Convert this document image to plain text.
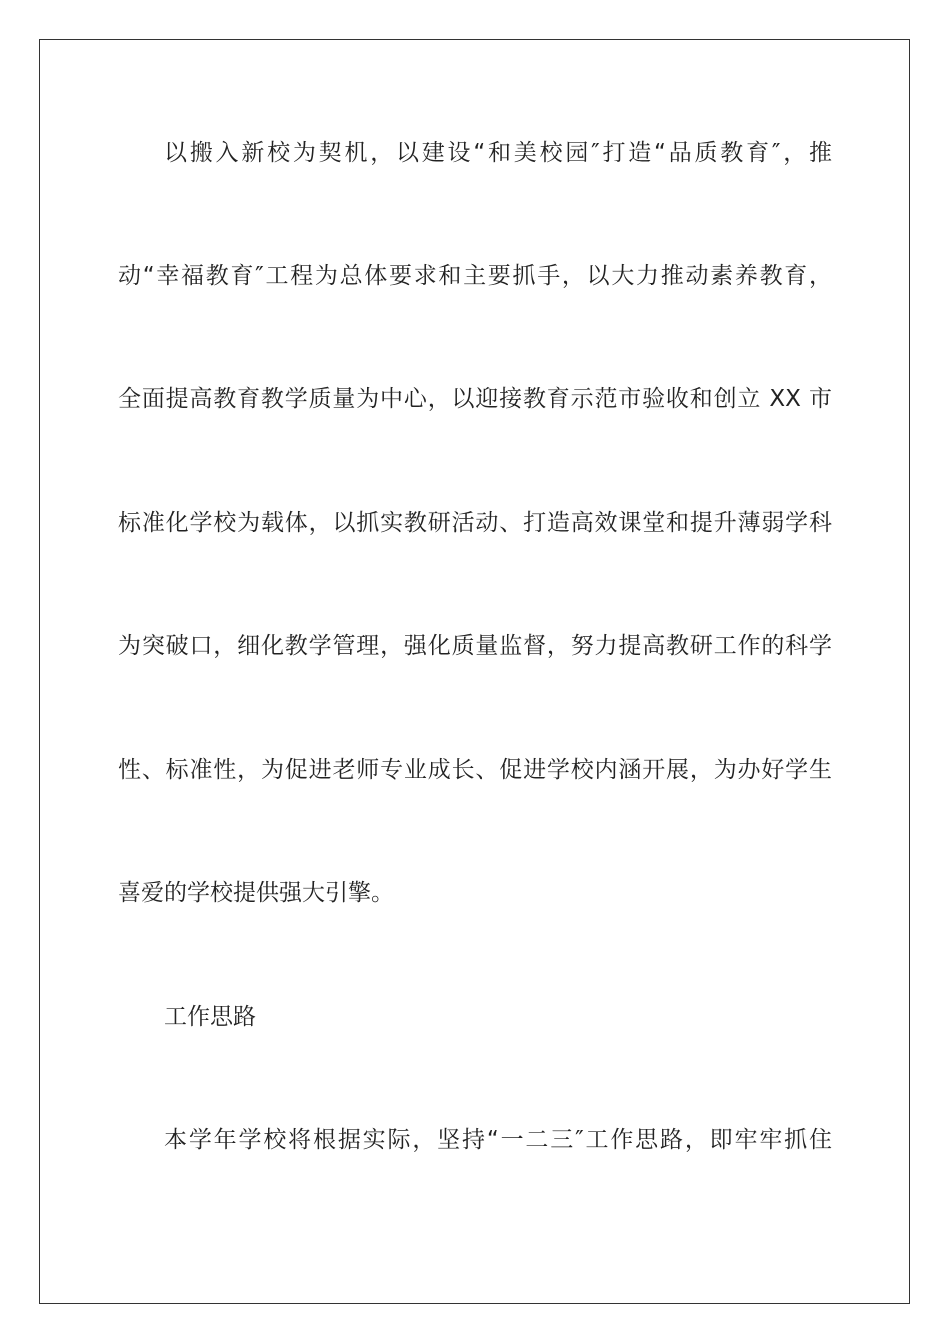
以搬入新校为契机，以建设“和美校园″打造“品质教育″，推
动“幸福教育″工程为总体要求和主要抓手，以大力推动素养教育，
全面提高教育教学质量为中心，以迎接教育示范市验收和创立 XX 市
标准化学校为载体，以抓实教研活动、打造高效课堂和提升薄弱学科
为突破口，细化教学管理，强化质量监督，努力提高教研工作的科学
性、标准性，为促进老师专业成长、促进学校内涵开展，为办好学生
喜爱的学校提供强大引擎。
工作思路
本学年学校将根据实际，坚持“一二三″工作思路，即牢牢抓住
